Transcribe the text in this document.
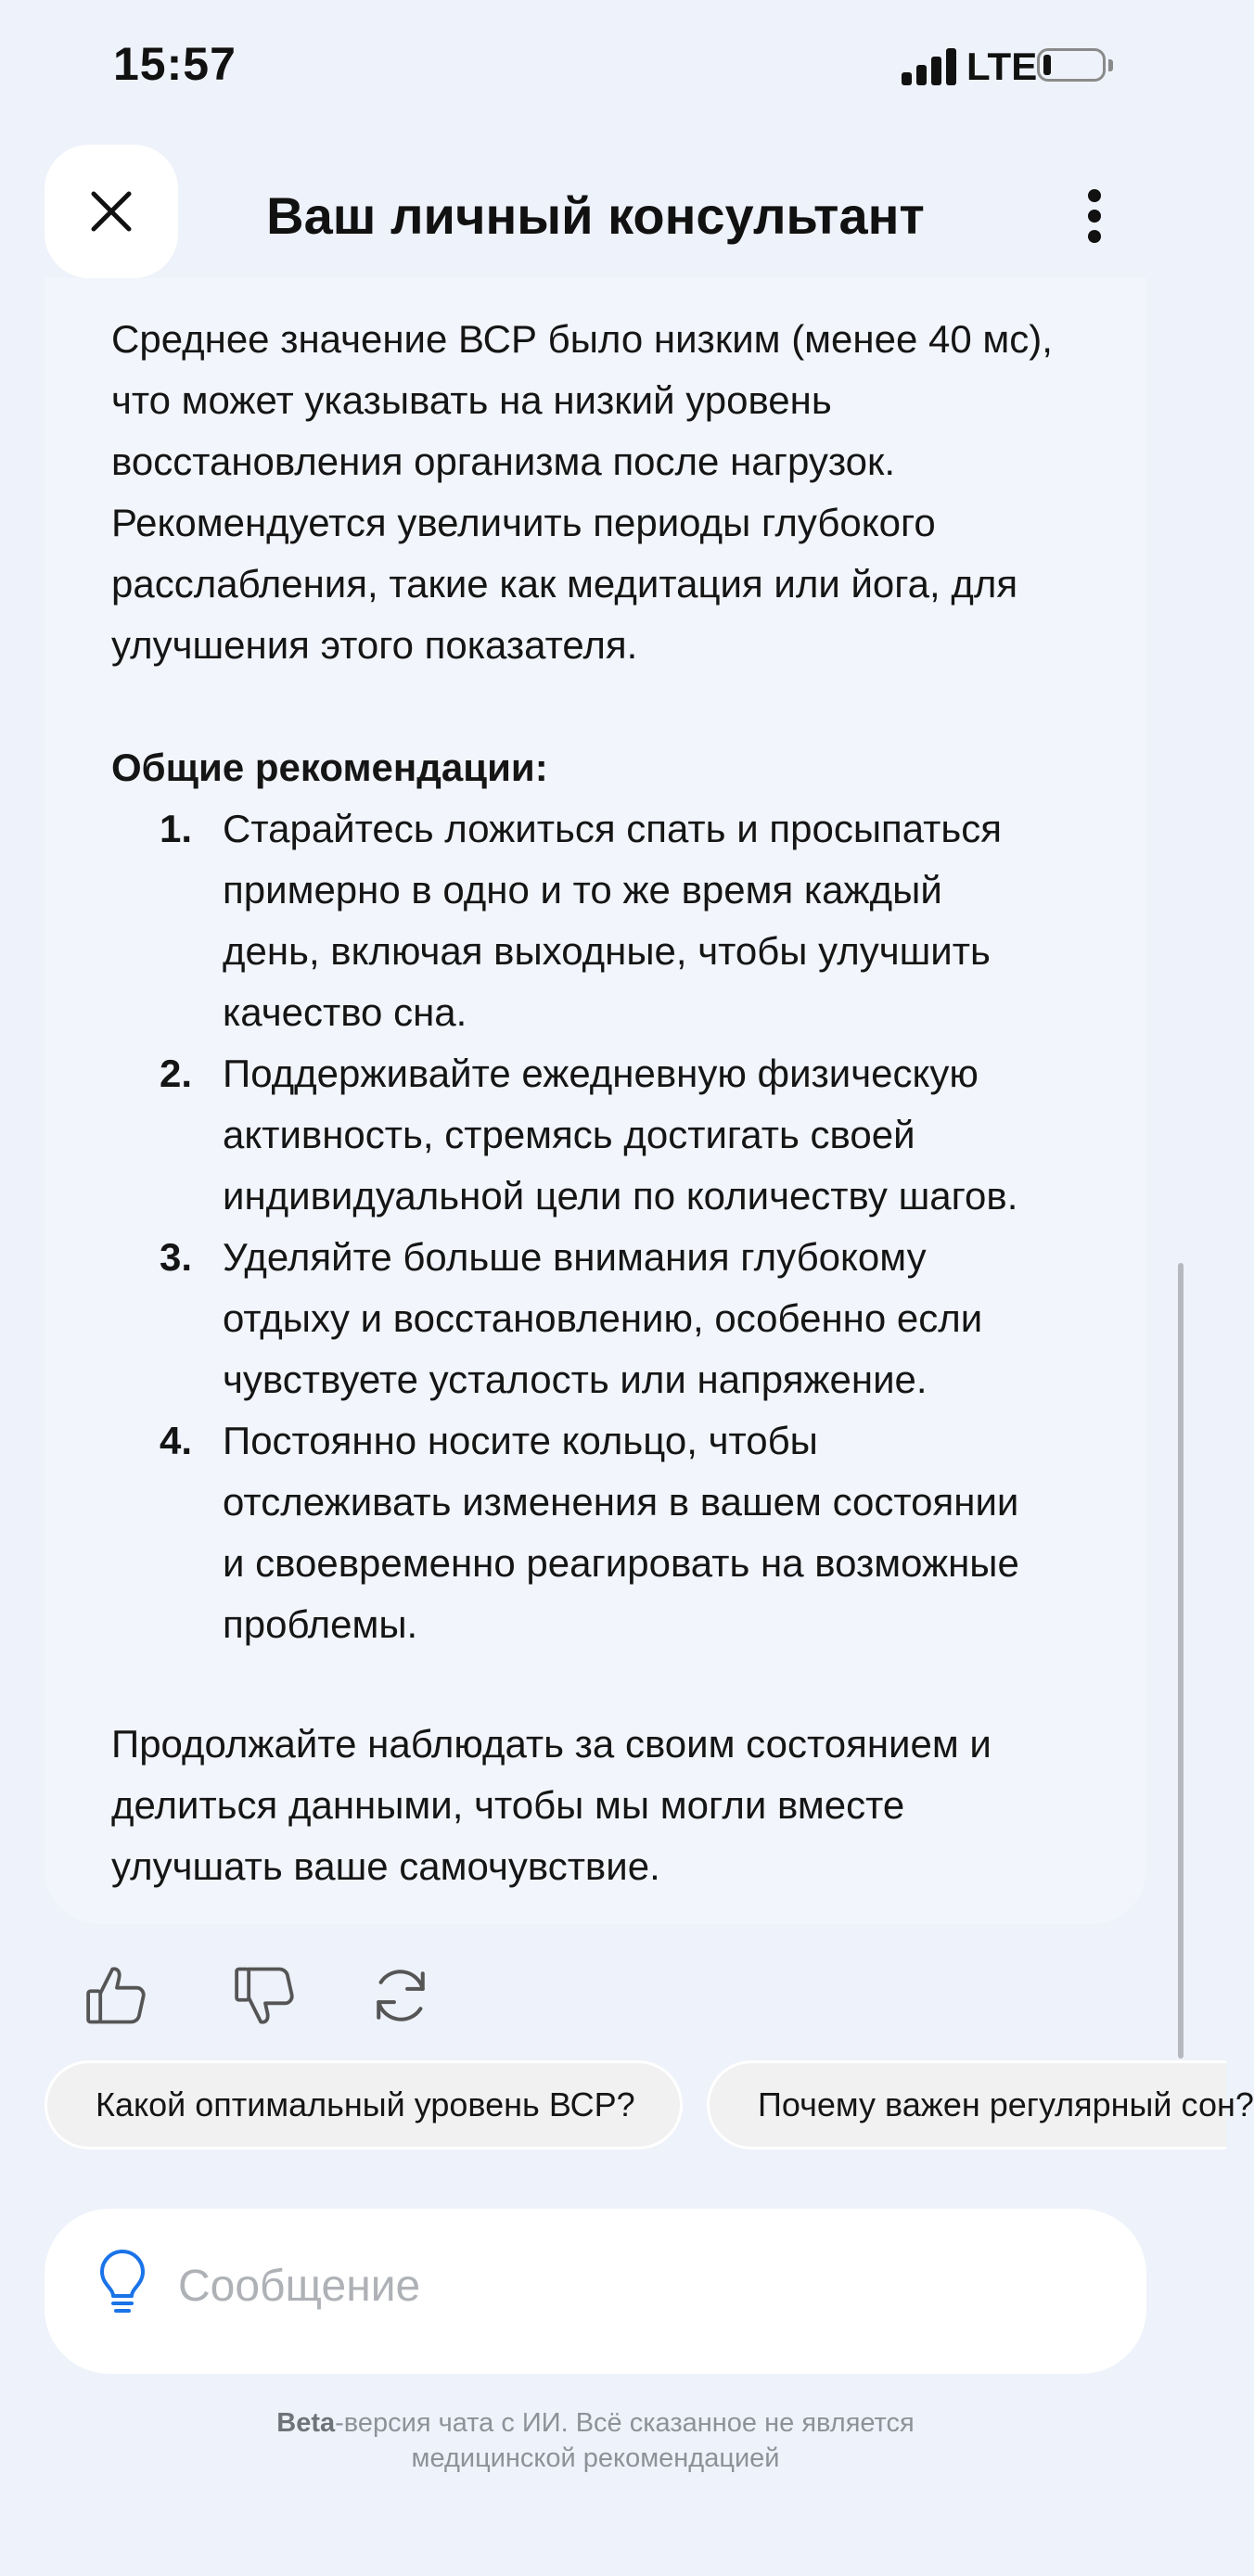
15:57	LTE
Ваш личный консультант
Среднее значение ВСР было низким (менее 40 мс),
что может указывать на низкий уровень
восстановления организма после нагрузок.
Рекомендуется увеличить периоды глубокого
расслабления, такие как медитация или йога, для
улучшения этого показателя.
Общие рекомендации:
1. Старайтесь ложиться спать и просыпаться
примерно в одно и то же время каждый
день, включая выходные, чтобы улучшить
качество сна.
2. Поддерживайте ежедневную физическую
активность, стремясь достигать своей
индивидуальной цели по количеству шагов.
3. Уделяйте больше внимания глубокому
отдыху и восстановлению, особенно если
чувствуете усталость или напряжение.
4. Постоянно носите кольцо, чтобы
отслеживать изменения в вашем состоянии
и своевременно реагировать на возможные
проблемы.
Продолжайте наблюдать за своим состоянием и
делиться данными, чтобы мы могли вместе
улучшать ваше самочувствие.
Какой оптимальный уровень ВСР?	Почему важен регулярный сон?
Сообщение
Beta-версия чата с ИИ. Всё сказанное не является
медицинской рекомендацией
